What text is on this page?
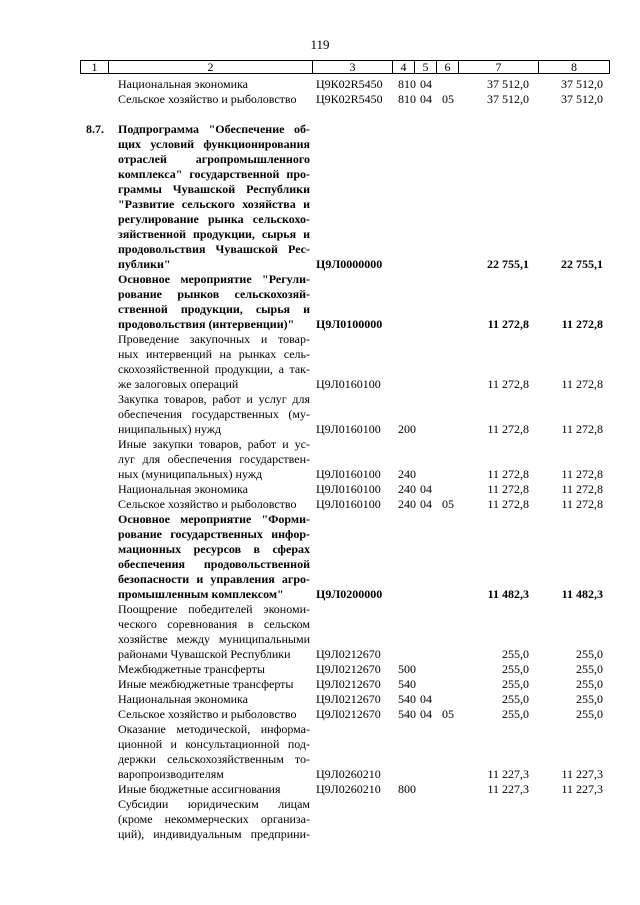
119
1	2	3	4	5	6	7	8
Национальная экономика	Ц9К02R5450 810 04	37 512,0	37 512,0
Сельское хозяйство и рыболовство	Ц9К02R5450 810 04 05	37 512,0	37 512,0
8.7. Подпрограмма "Обеспечение об-
щих условий функционирования
отраслей агропромышленного
комплекса" государственной про-
граммы Чувашской Республики
"Развитие сельского хозяйства и
регулирование рынка сельскохо-
зяйственной продукции, сырья и
продовольствия Чувашской Рес-
публики"	Ц9Л0000000	22 755,1	22 755,1
Основное мероприятие "Регули-
рование рынков сельскохозяй-
ственной продукции, сырья и
продовольствия (интервенции)"	Ц9Л0100000	11 272,8	11 272,8
Проведение закупочных и товар-
ных интервенций на рынках сель-
скохозяйственной продукции, а так-
же залоговых операций	Ц9Л0160100	11 272,8	11 272,8
Закупка товаров, работ и услуг для
обеспечения государственных (му-
ниципальных) нужд	Ц9Л0160100 200	11 272,8	11 272,8
Иные закупки товаров, работ и ус-
луг для обеспечения государствен-
ных (муниципальных) нужд	Ц9Л0160100 240	11 272,8	11 272,8
Национальная экономика	Ц9Л0160100 240 04	11 272,8	11 272,8
Сельское хозяйство и рыболовство	Ц9Л0160100 240 04 05	11 272,8	11 272,8
Основное мероприятие "Форми-
рование государственных инфор-
мационных ресурсов в сферах
обеспечения продовольственной
безопасности и управления агро-
промышленным комплексом"	Ц9Л0200000	11 482,3	11 482,3
Поощрение победителей экономи-
ческого соревнования в сельском
хозяйстве между муниципальными
районами Чувашской Республики	Ц9Л0212670	255,0	255,0
Межбюджетные трансферты	Ц9Л0212670 500	255,0	255,0
Иные межбюджетные трансферты	Ц9Л0212670 540	255,0	255,0
Национальная экономика	Ц9Л0212670 540 04	255,0	255,0
Сельское хозяйство и рыболовство	Ц9Л0212670 540 04 05	255,0	255,0
Оказание методической, информа-
ционной и консультационной под-
держки сельскохозяйственным то-
варопроизводителям	Ц9Л0260210	11 227,3	11 227,3
Иные бюджетные ассигнования	Ц9Л0260210 800	11 227,3	11 227,3
Субсидии юридическим лицам
(кроме некоммерческих организа-
ций), индивидуальным предприни-
